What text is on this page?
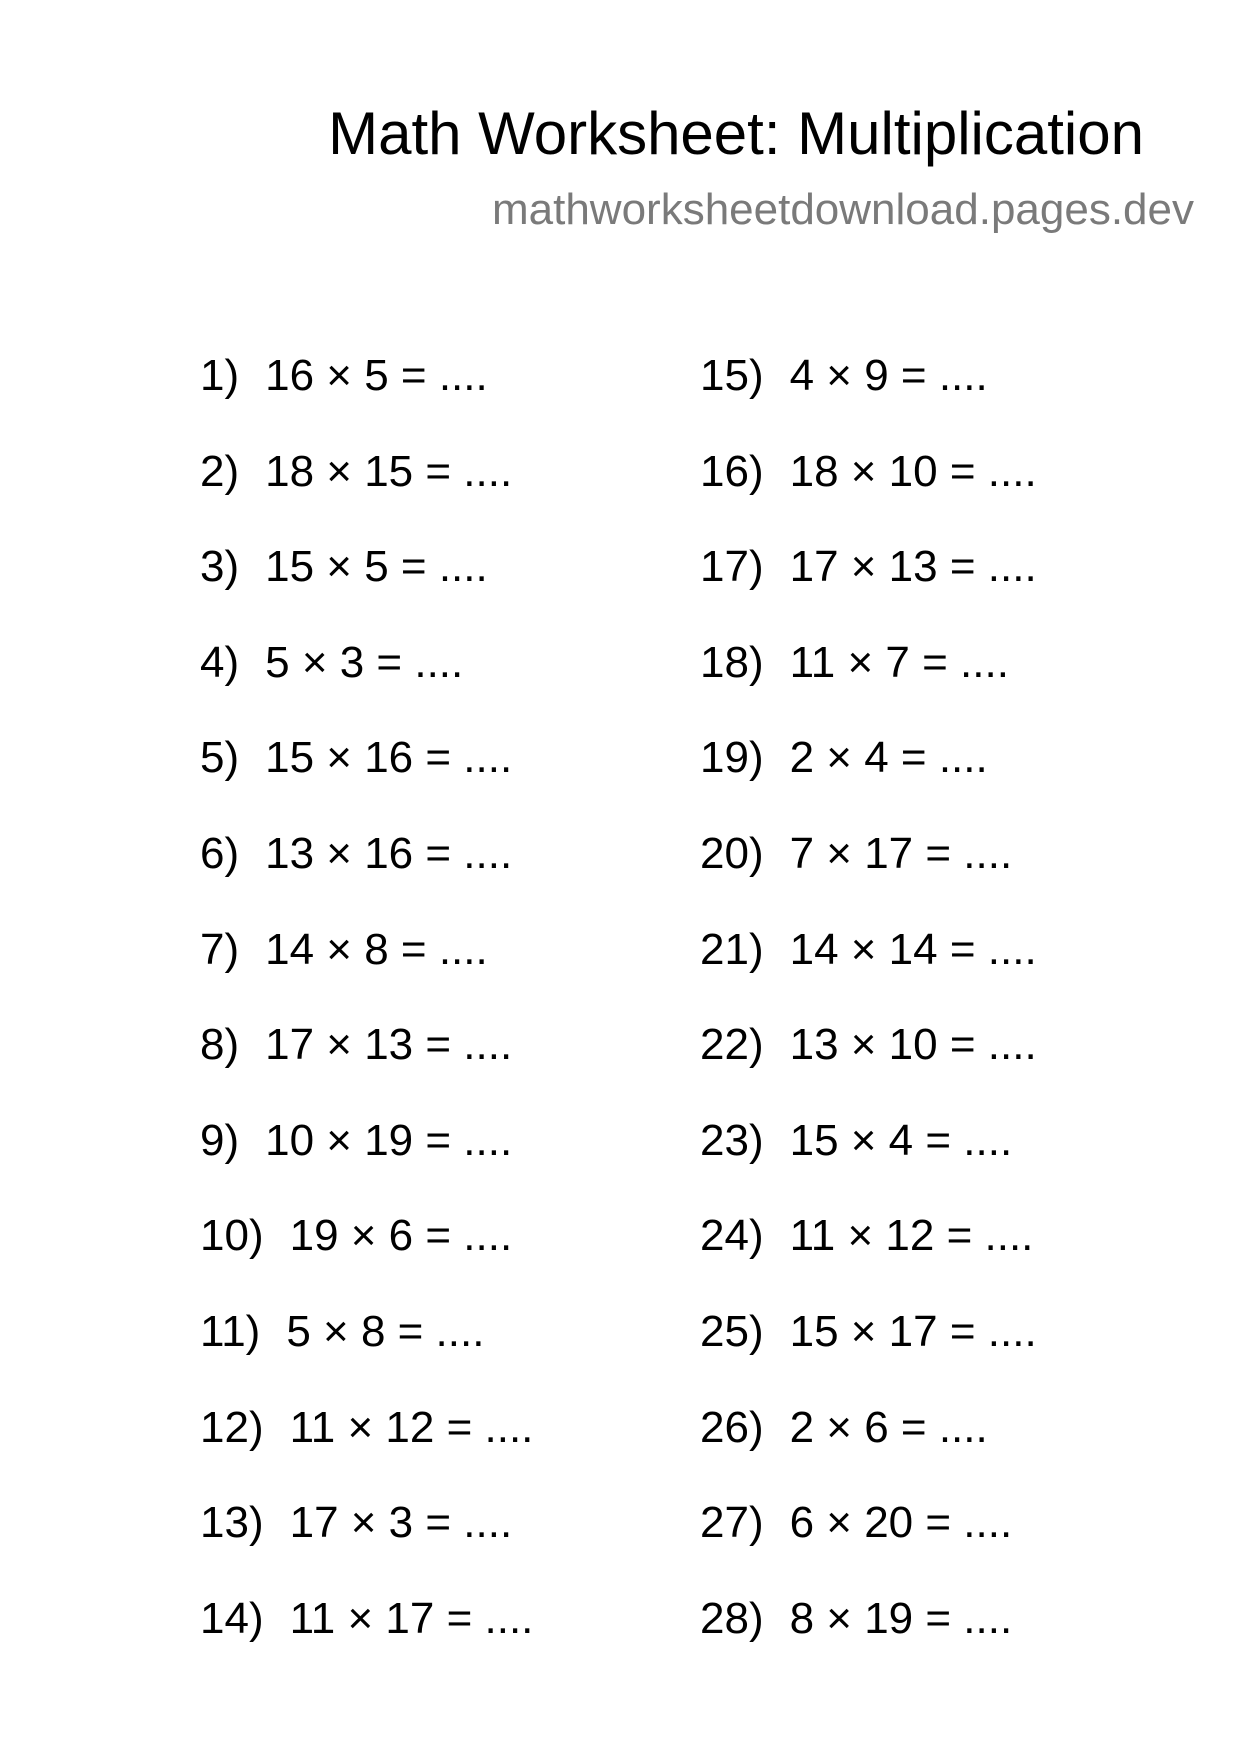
Math Worksheet: Multiplication
mathworksheetdownload.pages.dev
1) 16 × 5 = ....
2) 18 × 15 = ....
3) 15 × 5 = ....
4) 5 × 3 = ....
5) 15 × 16 = ....
6) 13 × 16 = ....
7) 14 × 8 = ....
8) 17 × 13 = ....
9) 10 × 19 = ....
10) 19 × 6 = ....
11) 5 × 8 = ....
12) 11 × 12 = ....
13) 17 × 3 = ....
14) 11 × 17 = ....
15) 4 × 9 = ....
16) 18 × 10 = ....
17) 17 × 13 = ....
18) 11 × 7 = ....
19) 2 × 4 = ....
20) 7 × 17 = ....
21) 14 × 14 = ....
22) 13 × 10 = ....
23) 15 × 4 = ....
24) 11 × 12 = ....
25) 15 × 17 = ....
26) 2 × 6 = ....
27) 6 × 20 = ....
28) 8 × 19 = ....
